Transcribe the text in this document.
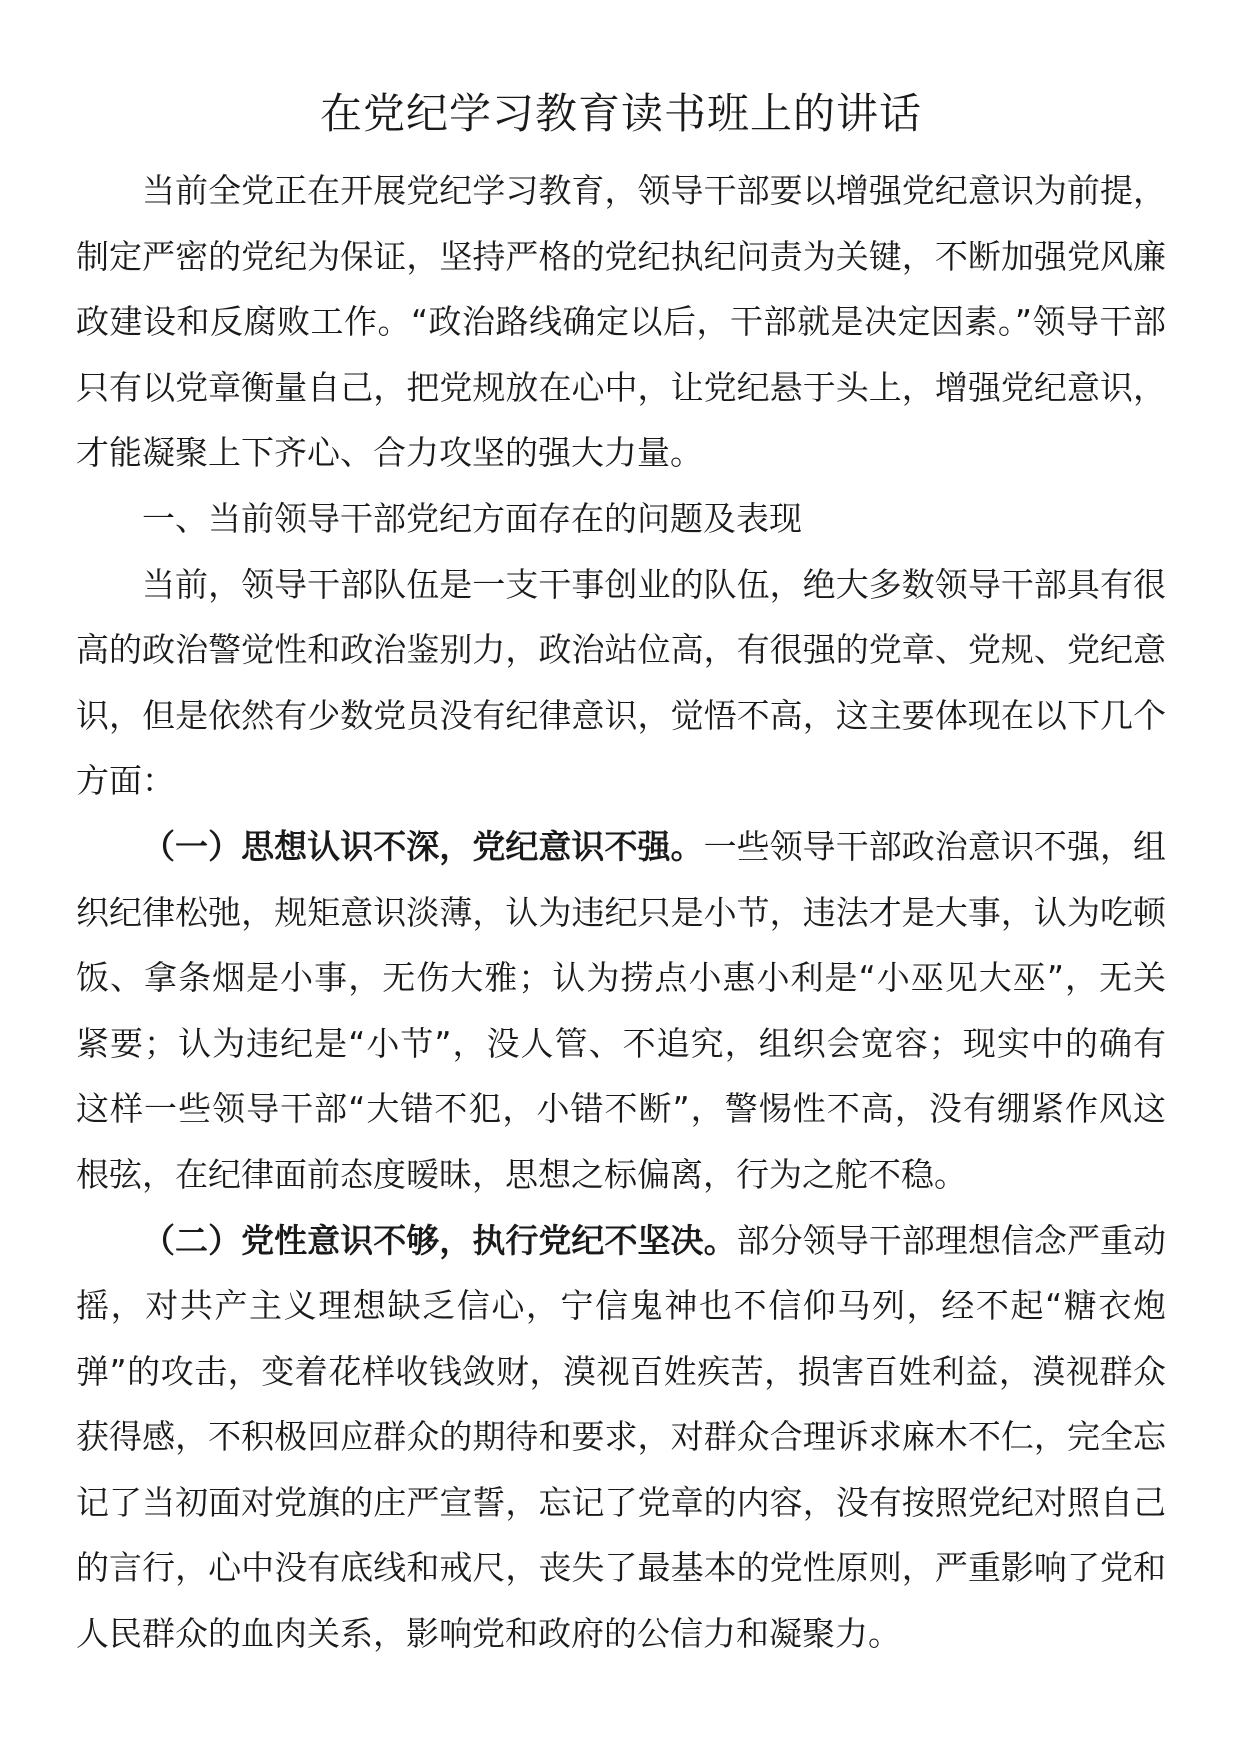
在党纪学习教育读书班上的讲话

当前全党正在开展党纪学习教育，领导干部要以增强党纪意识为前提，制定严密的党纪为保证，坚持严格的党纪执纪问责为关键，不断加强党风廉政建设和反腐败工作。“政治路线确定以后，干部就是决定因素。”领导干部只有以党章衡量自己，把党规放在心中，让党纪悬于头上，增强党纪意识，才能凝聚上下齐心、合力攻坚的强大力量。

一、当前领导干部党纪方面存在的问题及表现

当前，领导干部队伍是一支干事创业的队伍，绝大多数领导干部具有很高的政治警觉性和政治鉴别力，政治站位高，有很强的党章、党规、党纪意识，但是依然有少数党员没有纪律意识，觉悟不高，这主要体现在以下几个方面：

（一）思想认识不深，党纪意识不强。一些领导干部政治意识不强，组织纪律松弛，规矩意识淡薄，认为违纪只是小节，违法才是大事，认为吃顿饭、拿条烟是小事，无伤大雅；认为捞点小惠小利是“小巫见大巫”，无关紧要；认为违纪是“小节”，没人管、不追究，组织会宽容；现实中的确有这样一些领导干部“大错不犯，小错不断”，警惕性不高，没有绷紧作风这根弦，在纪律面前态度暧昧，思想之标偏离，行为之舵不稳。

（二）党性意识不够，执行党纪不坚决。部分领导干部理想信念严重动摇，对共产主义理想缺乏信心，宁信鬼神也不信仰马列，经不起“糖衣炮弹”的攻击，变着花样收钱敛财，漠视百姓疾苦，损害百姓利益，漠视群众获得感，不积极回应群众的期待和要求，对群众合理诉求麻木不仁，完全忘记了当初面对党旗的庄严宣誓，忘记了党章的内容，没有按照党纪对照自己的言行，心中没有底线和戒尺，丧失了最基本的党性原则，严重影响了党和人民群众的血肉关系，影响党和政府的公信力和凝聚力。
